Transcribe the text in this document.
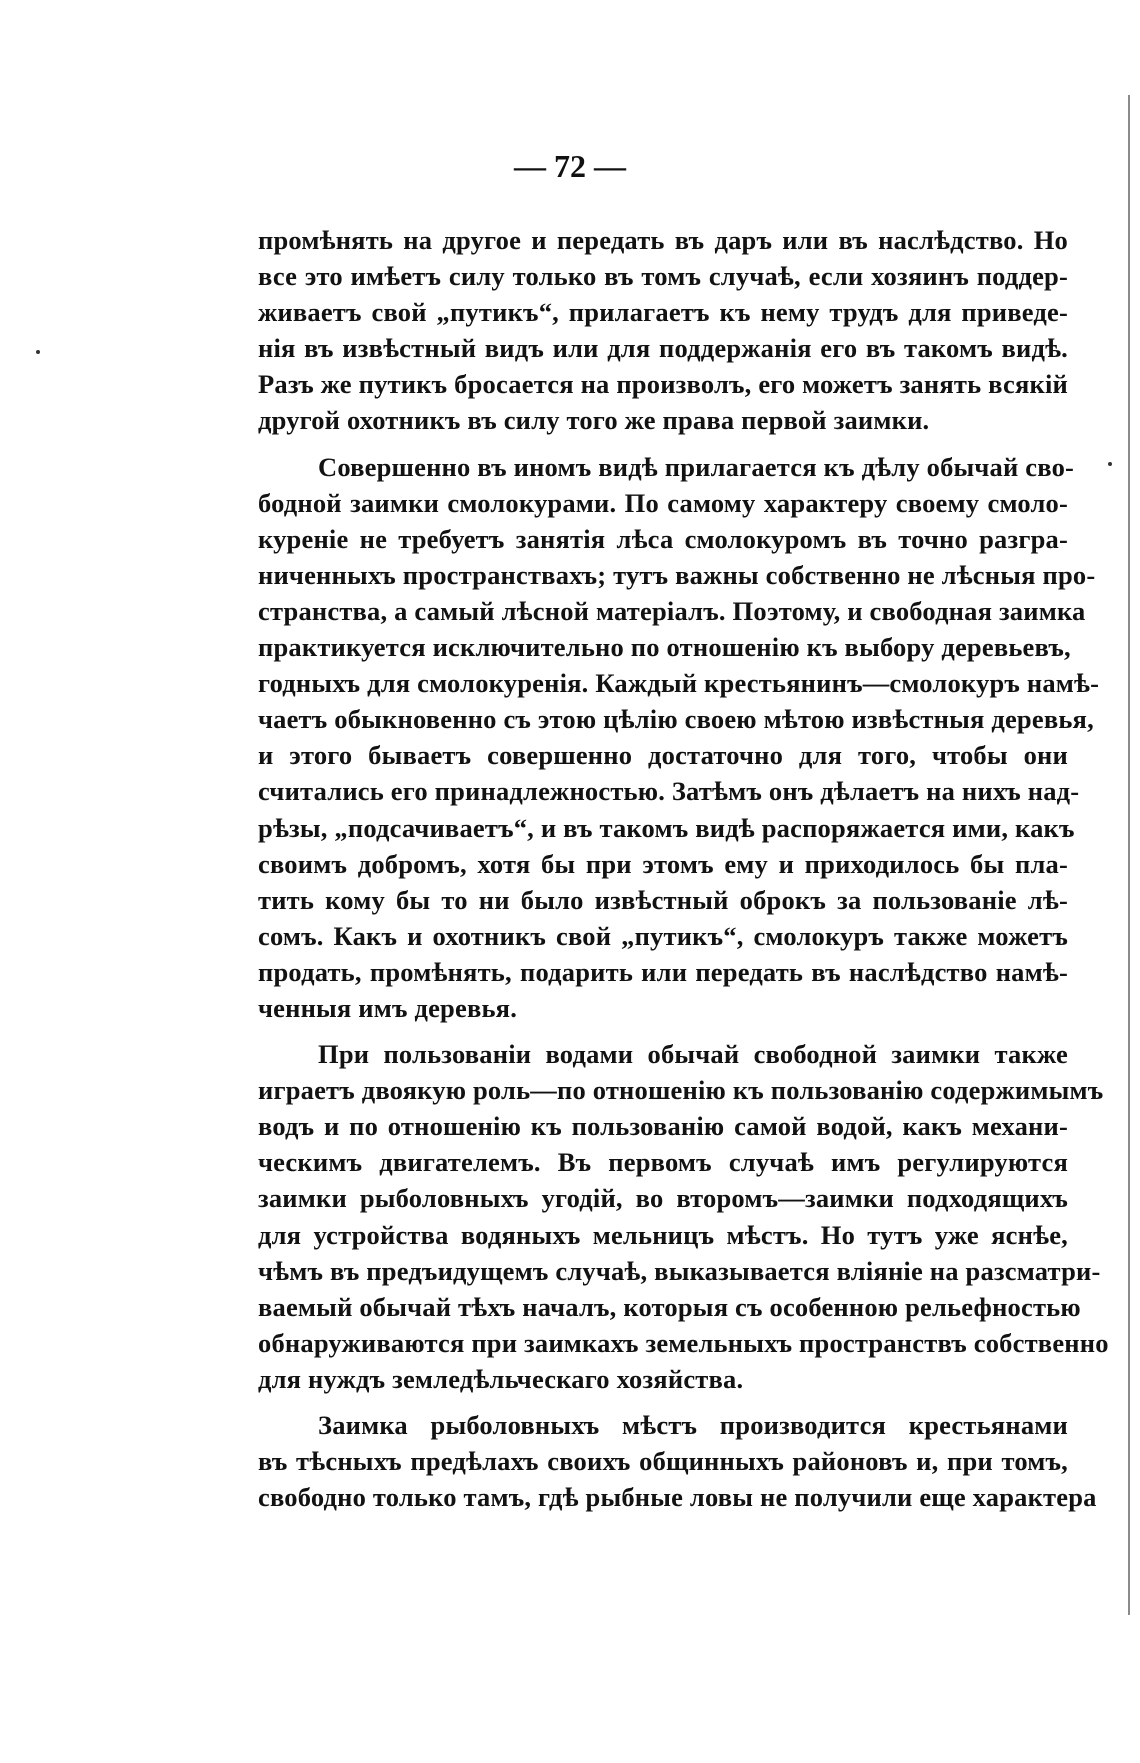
— 72 —
промѣнять на другое и передать въ даръ или въ наслѣдство. Но
все это имѣетъ силу только въ томъ случаѣ, если хозяинъ поддер-
живаетъ свой „путикъ“, прилагаетъ къ нему трудъ для приведе-
нія въ извѣстный видъ или для поддержанія его въ такомъ видѣ.
Разъ же путикъ бросается на произволъ, его можетъ занять всякій
другой охотникъ въ силу того же права первой заимки.
Совершенно въ иномъ видѣ прилагается къ дѣлу обычай сво-
бодной заимки смолокурами. По самому характеру своему смоло-
куреніе не требуетъ занятія лѣса смолокуромъ въ точно разгра-
ниченныхъ пространствахъ; тутъ важны собственно не лѣсныя про-
странства, а самый лѣсной матеріалъ. Поэтому, и свободная заимка
практикуется исключительно по отношенію къ выбору деревьевъ,
годныхъ для смолокуренія. Каждый крестьянинъ—смолокуръ намѣ-
чаетъ обыкновенно съ этою цѣлію своею мѣтою извѣстныя деревья,
и этого бываетъ совершенно достаточно для того, чтобы они
считались его принадлежностью. Затѣмъ онъ дѣлаетъ на нихъ над-
рѣзы, „подсачиваетъ“, и въ такомъ видѣ распоряжается ими, какъ
своимъ добромъ, хотя бы при этомъ ему и приходилось бы пла-
тить кому бы то ни было извѣстный оброкъ за пользованіе лѣ-
сомъ. Какъ и охотникъ свой „путикъ“, смолокуръ также можетъ
продать, промѣнять, подарить или передать въ наслѣдство намѣ-
ченныя имъ деревья.
При пользованіи водами обычай свободной заимки также
играетъ двоякую роль—по отношенію къ пользованію содержимымъ
водъ и по отношенію къ пользованію самой водой, какъ механи-
ческимъ двигателемъ. Въ первомъ случаѣ имъ регулируются
заимки рыболовныхъ угодій, во второмъ—заимки подходящихъ
для устройства водяныхъ мельницъ мѣстъ. Но тутъ уже яснѣе,
чѣмъ въ предъидущемъ случаѣ, выказывается вліяніе на разсматри-
ваемый обычай тѣхъ началъ, которыя съ особенною рельефностью
обнаруживаются при заимкахъ земельныхъ пространствъ собственно
для нуждъ земледѣльческаго хозяйства.
Заимка рыболовныхъ мѣстъ производится крестьянами
въ тѣсныхъ предѣлахъ своихъ общинныхъ районовъ и, при томъ,
свободно только тамъ, гдѣ рыбные ловы не получили еще характера
